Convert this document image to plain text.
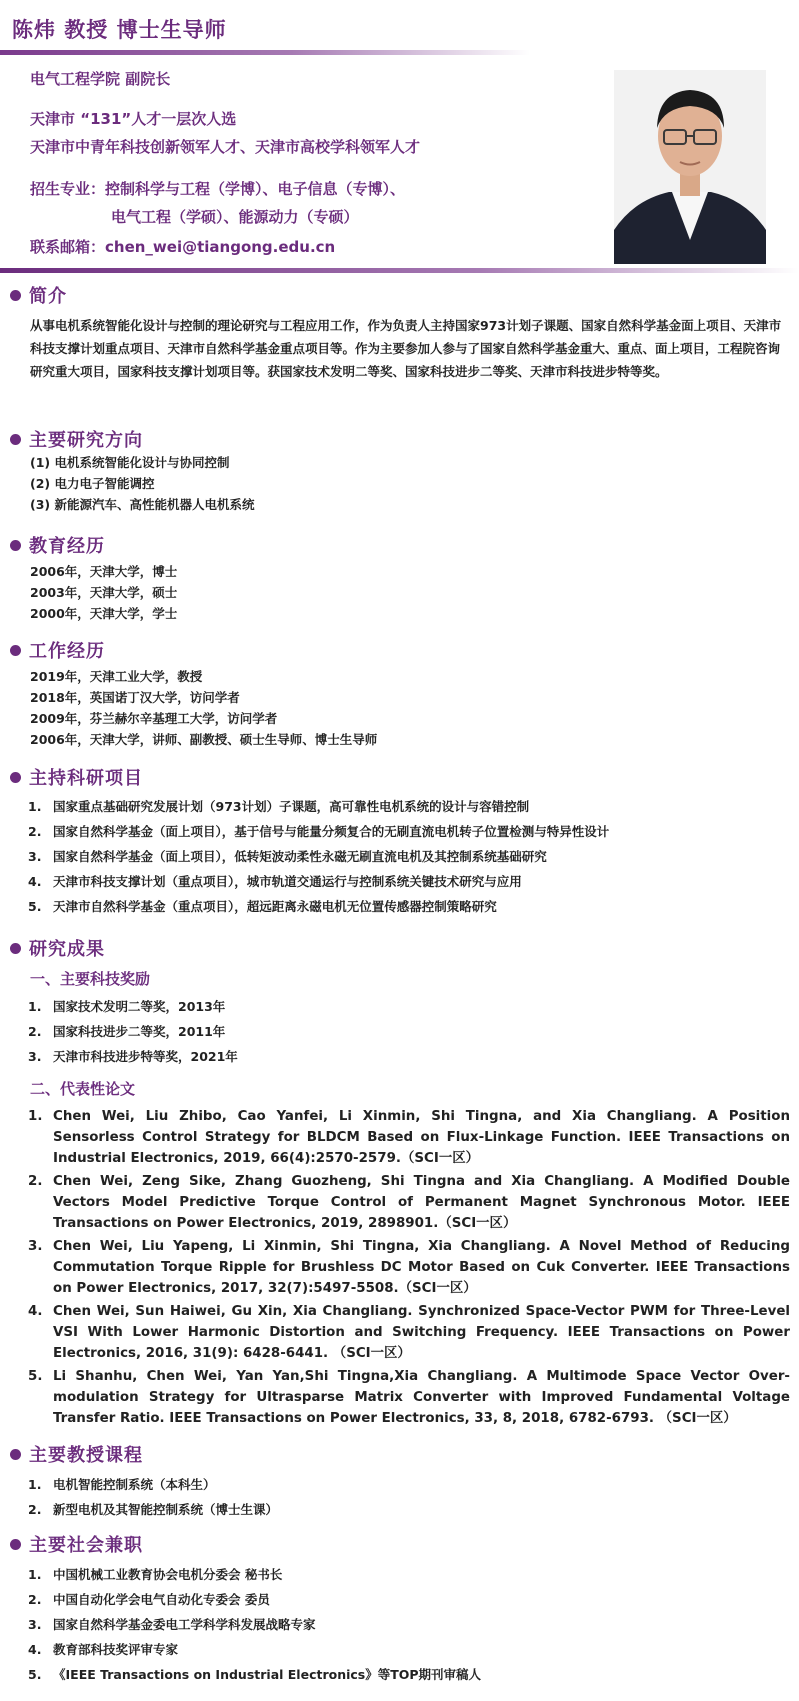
陈炜 教授 博士生导师
电气工程学院 副院长
天津市 “131”人才一层次人选
天津市中青年科技创新领军人才、天津市高校学科领军人才
招生专业：控制科学与工程（学博）、电子信息（专博）、
电气工程（学硕）、能源动力（专硕）
联系邮箱：chen_wei@tiangong.edu.cn
简介
从事电机系统智能化设计与控制的理论研究与工程应用工作，作为负责人主持国家973计划子课题、国家自然科学基金面上项目、天津市科技支撑计划重点项目、天津市自然科学基金重点项目等。作为主要参加人参与了国家自然科学基金重大、重点、面上项目，工程院咨询研究重大项目，国家科技支撑计划项目等。获国家技术发明二等奖、国家科技进步二等奖、天津市科技进步特等奖。
主要研究方向
(1) 电机系统智能化设计与协同控制
(2) 电力电子智能调控
(3) 新能源汽车、高性能机器人电机系统
教育经历
2006年，天津大学，博士
2003年，天津大学，硕士
2000年，天津大学，学士
工作经历
2019年，天津工业大学，教授
2018年，英国诺丁汉大学，访问学者
2009年，芬兰赫尔辛基理工大学，访问学者
2006年，天津大学，讲师、副教授、硕士生导师、博士生导师
主持科研项目
1. 国家重点基础研究发展计划（973计划）子课题，高可靠性电机系统的设计与容错控制
2. 国家自然科学基金（面上项目），基于信号与能量分频复合的无刷直流电机转子位置检测与特异性设计
3. 国家自然科学基金（面上项目），低转矩波动柔性永磁无刷直流电机及其控制系统基础研究
4. 天津市科技支撑计划（重点项目），城市轨道交通运行与控制系统关键技术研究与应用
5. 天津市自然科学基金（重点项目），超远距离永磁电机无位置传感器控制策略研究
研究成果
一、主要科技奖励
1. 国家技术发明二等奖，2013年
2. 国家科技进步二等奖，2011年
3. 天津市科技进步特等奖，2021年
二、代表性论文
1. Chen Wei, Liu Zhibo, Cao Yanfei, Li Xinmin, Shi Tingna, and Xia Changliang. A Position Sensorless Control Strategy for BLDCM Based on Flux-Linkage Function. IEEE Transactions on Industrial Electronics, 2019, 66(4):2570-2579.（SCI一区）
2. Chen Wei, Zeng Sike, Zhang Guozheng, Shi Tingna and Xia Changliang. A Modified Double Vectors Model Predictive Torque Control of Permanent Magnet Synchronous Motor. IEEE Transactions on Power Electronics, 2019, 2898901.（SCI一区）
3. Chen Wei, Liu Yapeng, Li Xinmin, Shi Tingna, Xia Changliang. A Novel Method of Reducing Commutation Torque Ripple for Brushless DC Motor Based on Cuk Converter. IEEE Transactions on Power Electronics, 2017, 32(7):5497-5508.（SCI一区）
4. Chen Wei, Sun Haiwei, Gu Xin, Xia Changliang. Synchronized Space-Vector PWM for Three-Level VSI With Lower Harmonic Distortion and Switching Frequency. IEEE Transactions on Power Electronics, 2016, 31(9): 6428-6441. （SCI一区）
5. Li Shanhu, Chen Wei, Yan Yan,Shi Tingna,Xia Changliang. A Multimode Space Vector Over- modulation Strategy for Ultrasparse Matrix Converter with Improved Fundamental Voltage Transfer Ratio. IEEE Transactions on Power Electronics, 33, 8, 2018, 6782-6793. （SCI一区）
主要教授课程
1. 电机智能控制系统（本科生）
2. 新型电机及其智能控制系统（博士生课）
主要社会兼职
1. 中国机械工业教育协会电机分委会 秘书长
2. 中国自动化学会电气自动化专委会 委员
3. 国家自然科学基金委电工学科学科发展战略专家
4. 教育部科技奖评审专家
5. 《IEEE Transactions on Industrial Electronics》等TOP期刊审稿人
